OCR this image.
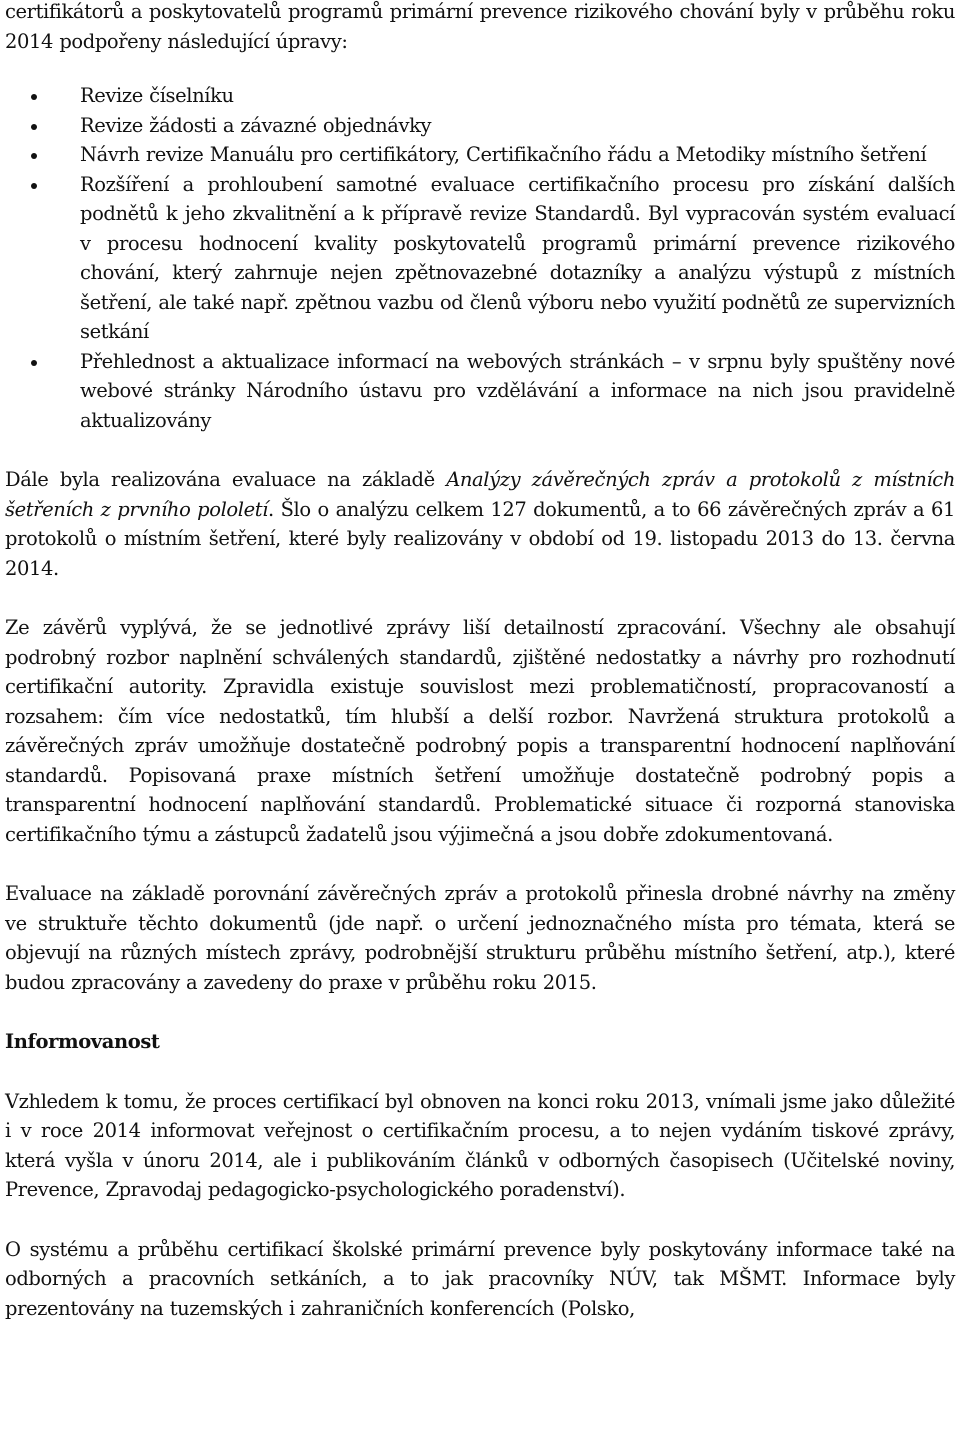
certifikátorů a poskytovatelů programů primární prevence rizikového chování byly v průběhu roku 2014 podpořeny následující úpravy:

Revize číselníku
Revize žádosti a závazné objednávky
Návrh revize Manuálu pro certifikátory, Certifikačního řádu a Metodiky místního šetření
Rozšíření a prohloubení samotné evaluace certifikačního procesu pro získání dalších podnětů k jeho zkvalitnění a k přípravě revize Standardů. Byl vypracován systém evaluací v procesu hodnocení kvality poskytovatelů programů primární prevence rizikového chování, který zahrnuje nejen zpětnovazebné dotazníky a analýzu výstupů z místních šetření, ale také např. zpětnou vazbu od členů výboru nebo využití podnětů ze supervizních setkání
Přehlednost a aktualizace informací na webových stránkách – v srpnu byly spuštěny nové webové stránky Národního ústavu pro vzdělávání a informace na nich jsou pravidelně aktualizovány

Dále byla realizována evaluace na základě Analýzy závěrečných zpráv a protokolů z místních šetřeních z prvního pololetí. Šlo o analýzu celkem 127 dokumentů, a to 66 závěrečných zpráv a 61 protokolů o místním šetření, které byly realizovány v období od 19. listopadu 2013 do 13. června 2014.

Ze závěrů vyplývá, že se jednotlivé zprávy liší detailností zpracování. Všechny ale obsahují podrobný rozbor naplnění schválených standardů, zjištěné nedostatky a návrhy pro rozhodnutí certifikační autority. Zpravidla existuje souvislost mezi problematičností, propracovaností a rozsahem: čím více nedostatků, tím hlubší a delší rozbor. Navržená struktura protokolů a závěrečných zpráv umožňuje dostatečně podrobný popis a transparentní hodnocení naplňování standardů. Popisovaná praxe místních šetření umožňuje dostatečně podrobný popis a transparentní hodnocení naplňování standardů. Problematické situace či rozporná stanoviska certifikačního týmu a zástupců žadatelů jsou výjimečná a jsou dobře zdokumentovaná.

Evaluace na základě porovnání závěrečných zpráv a protokolů přinesla drobné návrhy na změny ve struktuře těchto dokumentů (jde např. o určení jednoznačného místa pro témata, která se objevují na různých místech zprávy, podrobnější strukturu průběhu místního šetření, atp.), které budou zpracovány a zavedeny do praxe v průběhu roku 2015.

Informovanost

Vzhledem k tomu, že proces certifikací byl obnoven na konci roku 2013, vnímali jsme jako důležité i v roce 2014 informovat veřejnost o certifikačním procesu, a to nejen vydáním tiskové zprávy, která vyšla v únoru 2014, ale i publikováním článků v odborných časopisech (Učitelské noviny, Prevence, Zpravodaj pedagogicko-psychologického poradenství).

O systému a průběhu certifikací školské primární prevence byly poskytovány informace také na odborných a pracovních setkáních, a to jak pracovníky NÚV, tak MŠMT. Informace byly prezentovány na tuzemských i zahraničních konferencích (Polsko,
